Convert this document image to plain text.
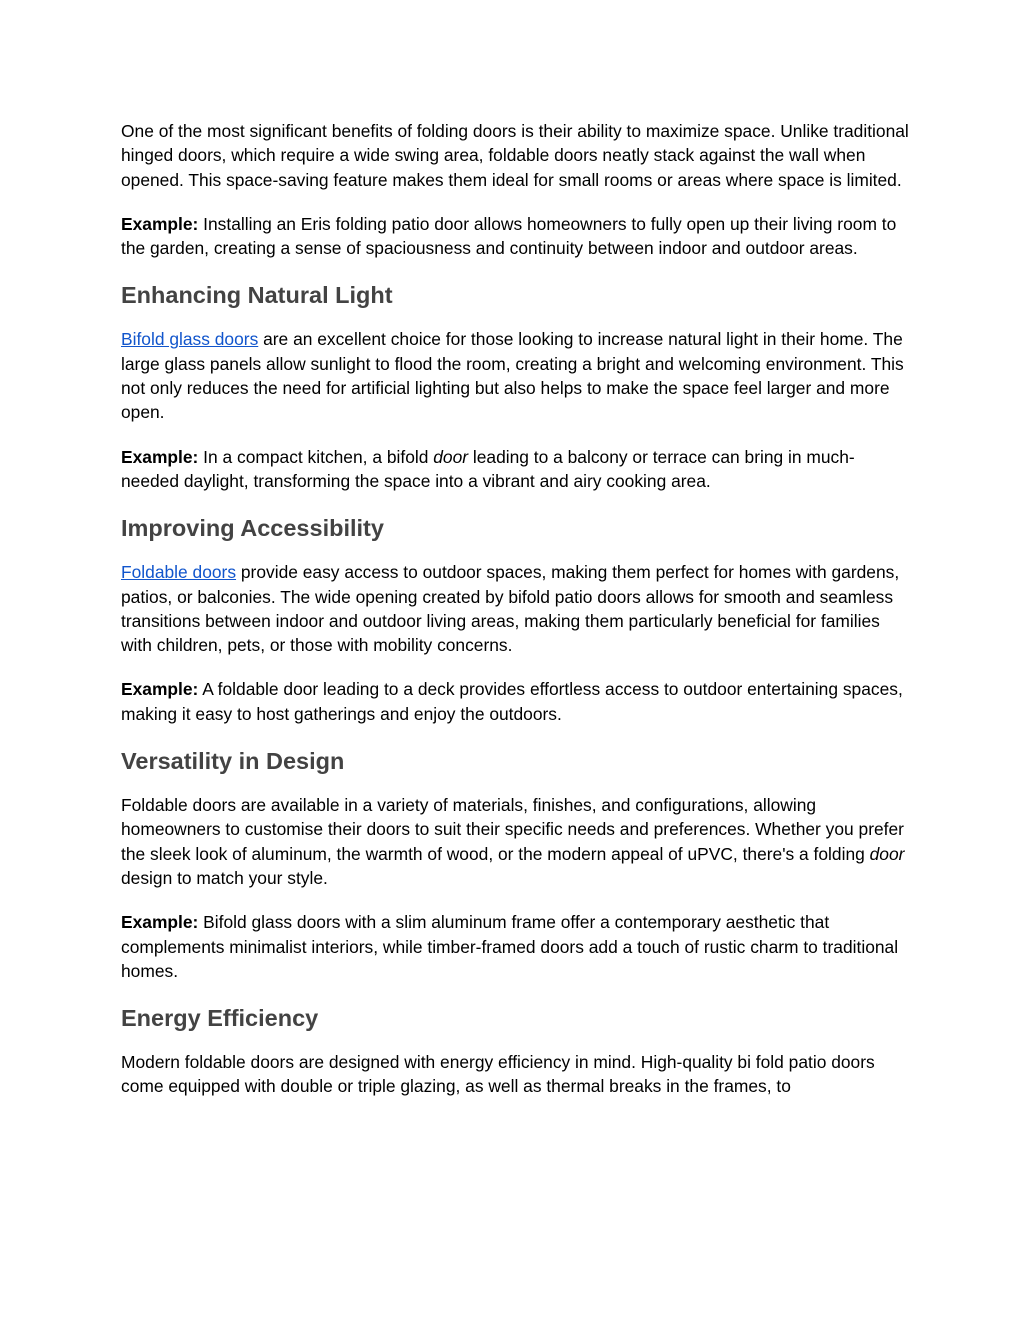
One of the most significant benefits of folding doors is their ability to maximize space. Unlike traditional hinged doors, which require a wide swing area, foldable doors neatly stack against the wall when opened. This space-saving feature makes them ideal for small rooms or areas where space is limited.

Example: Installing an Eris folding patio door allows homeowners to fully open up their living room to the garden, creating a sense of spaciousness and continuity between indoor and outdoor areas.

Enhancing Natural Light

Bifold glass doors are an excellent choice for those looking to increase natural light in their home. The large glass panels allow sunlight to flood the room, creating a bright and welcoming environment. This not only reduces the need for artificial lighting but also helps to make the space feel larger and more open.

Example: In a compact kitchen, a bifold door leading to a balcony or terrace can bring in much-needed daylight, transforming the space into a vibrant and airy cooking area.

Improving Accessibility

Foldable doors provide easy access to outdoor spaces, making them perfect for homes with gardens, patios, or balconies. The wide opening created by bifold patio doors allows for smooth and seamless transitions between indoor and outdoor living areas, making them particularly beneficial for families with children, pets, or those with mobility concerns.

Example: A foldable door leading to a deck provides effortless access to outdoor entertaining spaces, making it easy to host gatherings and enjoy the outdoors.

Versatility in Design

Foldable doors are available in a variety of materials, finishes, and configurations, allowing homeowners to customise their doors to suit their specific needs and preferences. Whether you prefer the sleek look of aluminum, the warmth of wood, or the modern appeal of uPVC, there's a folding door design to match your style.

Example: Bifold glass doors with a slim aluminum frame offer a contemporary aesthetic that complements minimalist interiors, while timber-framed doors add a touch of rustic charm to traditional homes.

Energy Efficiency

Modern foldable doors are designed with energy efficiency in mind. High-quality bi fold patio doors come equipped with double or triple glazing, as well as thermal breaks in the frames, to
